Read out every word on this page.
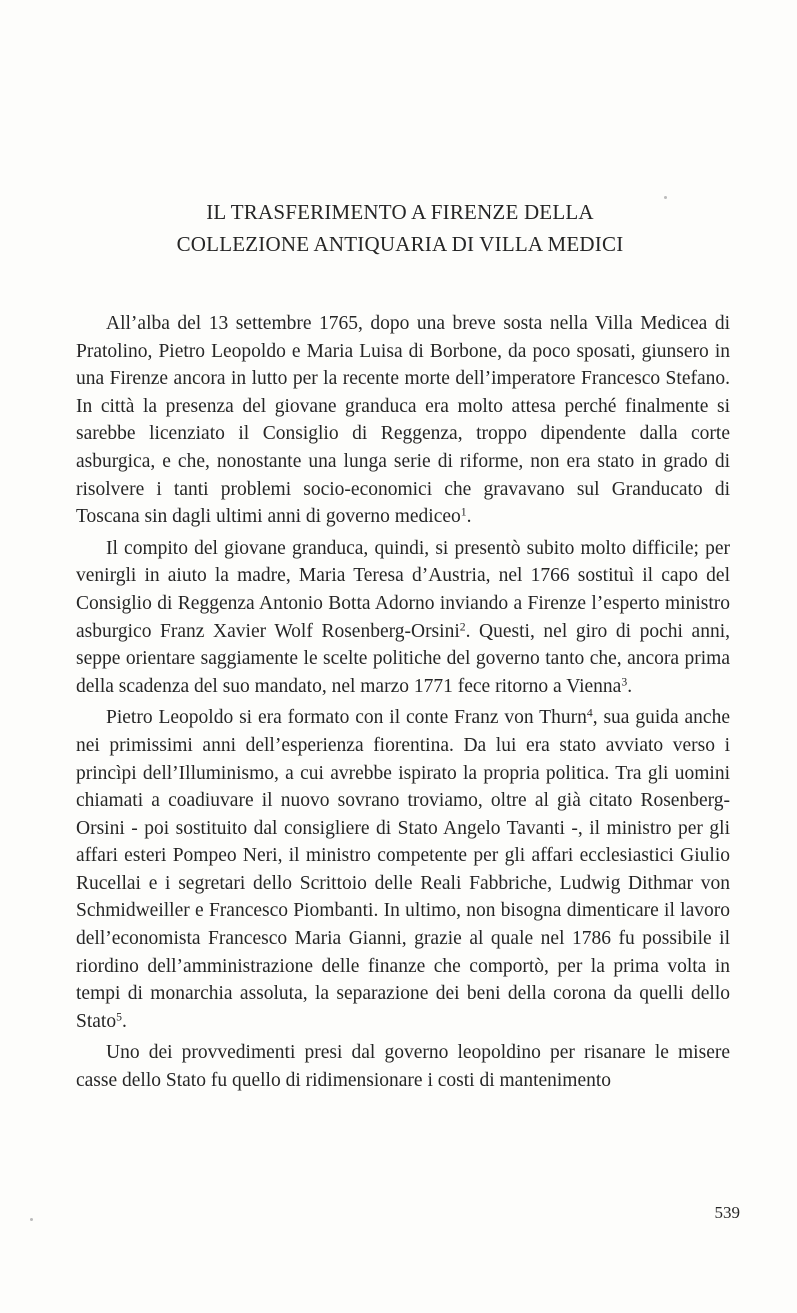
IL TRASFERIMENTO A FIRENZE DELLA
COLLEZIONE ANTIQUARIA DI VILLA MEDICI

All’alba del 13 settembre 1765, dopo una breve sosta nella Villa Medicea di Pratolino, Pietro Leopoldo e Maria Luisa di Borbone, da poco sposati, giunsero in una Firenze ancora in lutto per la recente morte dell’imperatore Francesco Stefano. In città la presenza del giovane granduca era molto attesa perché finalmente si sarebbe licenziato il Consiglio di Reggenza, troppo dipendente dalla corte asburgica, e che, nonostante una lunga serie di riforme, non era stato in grado di risolvere i tanti problemi socio-economici che gravavano sul Granducato di Toscana sin dagli ultimi anni di governo mediceo$^1$.

Il compito del giovane granduca, quindi, si presentò subito molto difficile; per venirgli in aiuto la madre, Maria Teresa d’Austria, nel 1766 sostituì il capo del Consiglio di Reggenza Antonio Botta Adorno inviando a Firenze l’esperto ministro asburgico Franz Xavier Wolf Rosenberg-Orsini$^2$. Questi, nel giro di pochi anni, seppe orientare saggiamente le scelte politiche del governo tanto che, ancora prima della scadenza del suo mandato, nel marzo 1771 fece ritorno a Vienna$^3$.

Pietro Leopoldo si era formato con il conte Franz von Thurn$^4$, sua guida anche nei primissimi anni dell’esperienza fiorentina. Da lui era stato avviato verso i princìpi dell’Illuminismo, a cui avrebbe ispirato la propria politica. Tra gli uomini chiamati a coadiuvare il nuovo sovrano troviamo, oltre al già citato Rosenberg-Orsini - poi sostituito dal consigliere di Stato Angelo Tavanti -, il ministro per gli affari esteri Pompeo Neri, il ministro competente per gli affari ecclesiastici Giulio Rucellai e i segretari dello Scrittoio delle Reali Fabbriche, Ludwig Dithmar von Schmidweiller e Francesco Piombanti. In ultimo, non bisogna dimenticare il lavoro dell’economista Francesco Maria Gianni, grazie al quale nel 1786 fu possibile il riordino dell’amministrazione delle finanze che comportò, per la prima volta in tempi di monarchia assoluta, la separazione dei beni della corona da quelli dello Stato$^5$.

Uno dei provvedimenti presi dal governo leopoldino per risanare le misere casse dello Stato fu quello di ridimensionare i costi di mantenimento

539
